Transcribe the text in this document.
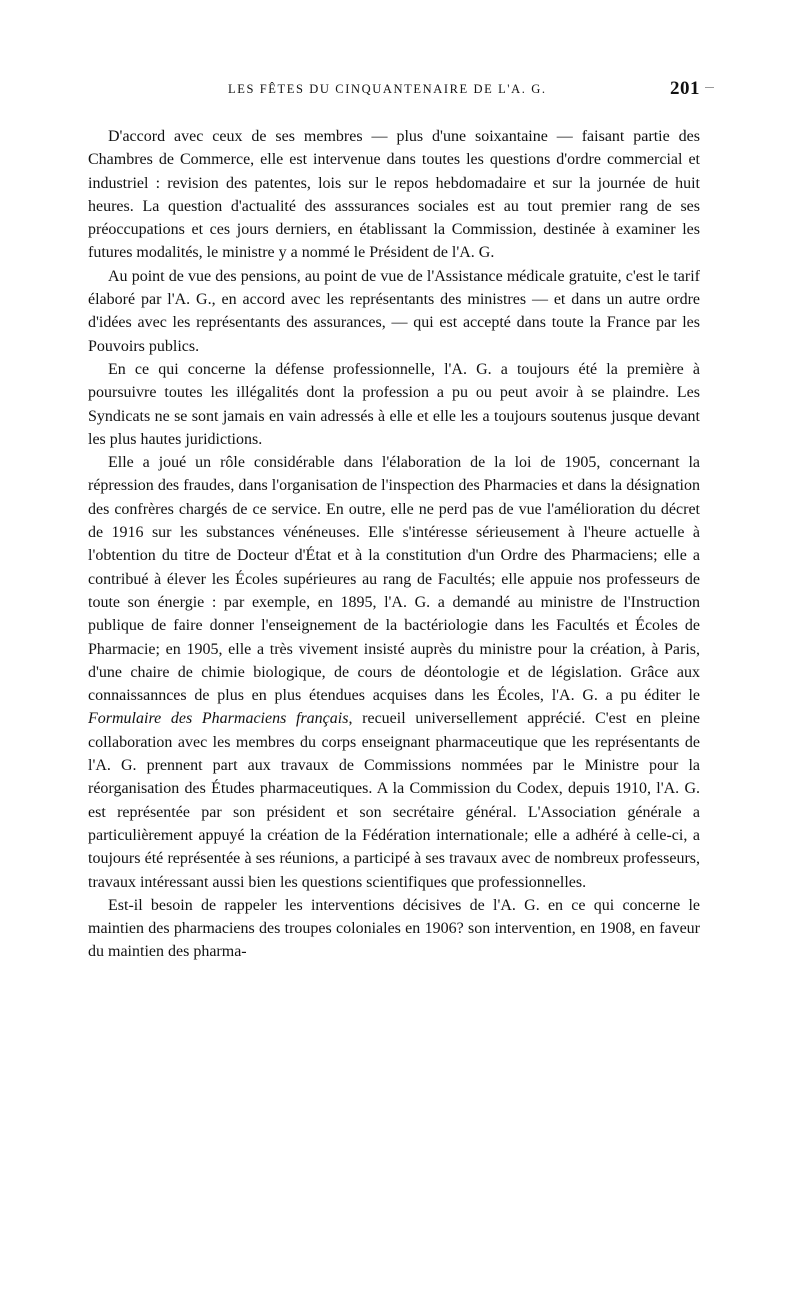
LES FÊTES DU CINQUANTENAIRE DE L'A. G.	201

D'accord avec ceux de ses membres — plus d'une soixantaine — faisant partie des Chambres de Commerce, elle est intervenue dans toutes les questions d'ordre commercial et industriel : revision des patentes, lois sur le repos hebdomadaire et sur la journée de huit heures. La question d'actualité des asssurances sociales est au tout premier rang de ses préoccupations et ces jours derniers, en établissant la Commission, destinée à examiner les futures modalités, le ministre y a nommé le Président de l'A. G.

Au point de vue des pensions, au point de vue de l'Assistance médicale gratuite, c'est le tarif élaboré par l'A. G., en accord avec les représentants des ministres — et dans un autre ordre d'idées avec les représentants des assurances, — qui est accepté dans toute la France par les Pouvoirs publics.

En ce qui concerne la défense professionnelle, l'A. G. a toujours été la première à poursuivre toutes les illégalités dont la profession a pu ou peut avoir à se plaindre. Les Syndicats ne se sont jamais en vain adressés à elle et elle les a toujours soutenus jusque devant les plus hautes juridictions.

Elle a joué un rôle considérable dans l'élaboration de la loi de 1905, concernant la répression des fraudes, dans l'organisation de l'inspection des Pharmacies et dans la désignation des confrères chargés de ce service. En outre, elle ne perd pas de vue l'amélioration du décret de 1916 sur les substances vénéneuses. Elle s'intéresse sérieusement à l'heure actuelle à l'obtention du titre de Docteur d'État et à la constitution d'un Ordre des Pharmaciens; elle a contribué à élever les Écoles supérieures au rang de Facultés; elle appuie nos professeurs de toute son énergie : par exemple, en 1895, l'A. G. a demandé au ministre de l'Instruction publique de faire donner l'enseignement de la bactériologie dans les Facultés et Écoles de Pharmacie; en 1905, elle a très vivement insisté auprès du ministre pour la création, à Paris, d'une chaire de chimie biologique, de cours de déontologie et de législation. Grâce aux connaissannces de plus en plus étendues acquises dans les Écoles, l'A. G. a pu éditer le Formulaire des Pharmaciens français, recueil universellement apprécié. C'est en pleine collaboration avec les membres du corps enseignant pharmaceutique que les représentants de l'A. G. prennent part aux travaux de Commissions nommées par le Ministre pour la réorganisation des Études pharmaceutiques. A la Commission du Codex, depuis 1910, l'A. G. est représentée par son président et son secrétaire général. L'Association générale a particulièrement appuyé la création de la Fédération internationale; elle a adhéré à celle-ci, a toujours été représentée à ses réunions, a participé à ses travaux avec de nombreux professeurs, travaux intéressant aussi bien les questions scientifiques que professionnelles.

Est-il besoin de rappeler les interventions décisives de l'A. G. en ce qui concerne le maintien des pharmaciens des troupes coloniales en 1906? son intervention, en 1908, en faveur du maintien des pharma-
